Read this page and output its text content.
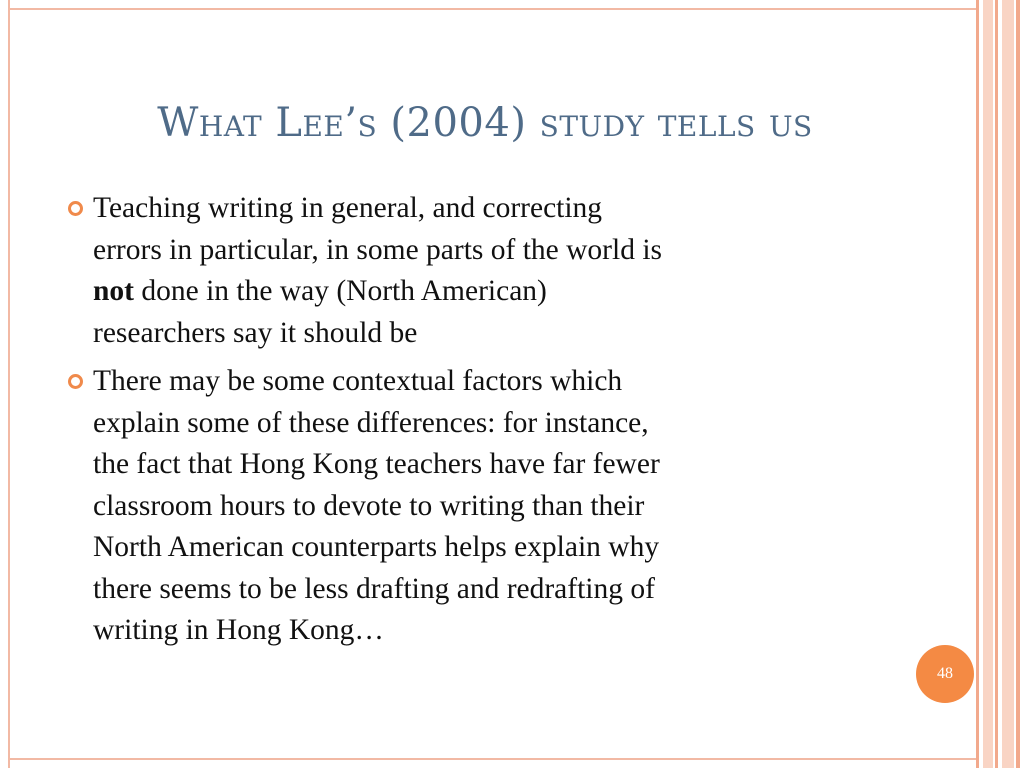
What Lee’s (2004) study tells us
Teaching writing in general, and correcting
errors in particular, in some parts of the world is
not done in the way (North American)
researchers say it should be
There may be some contextual factors which
explain some of these differences: for instance,
the fact that Hong Kong teachers have far fewer
classroom hours to devote to writing than their
North American counterparts helps explain why
there seems to be less drafting and redrafting of
writing in Hong Kong…
48
